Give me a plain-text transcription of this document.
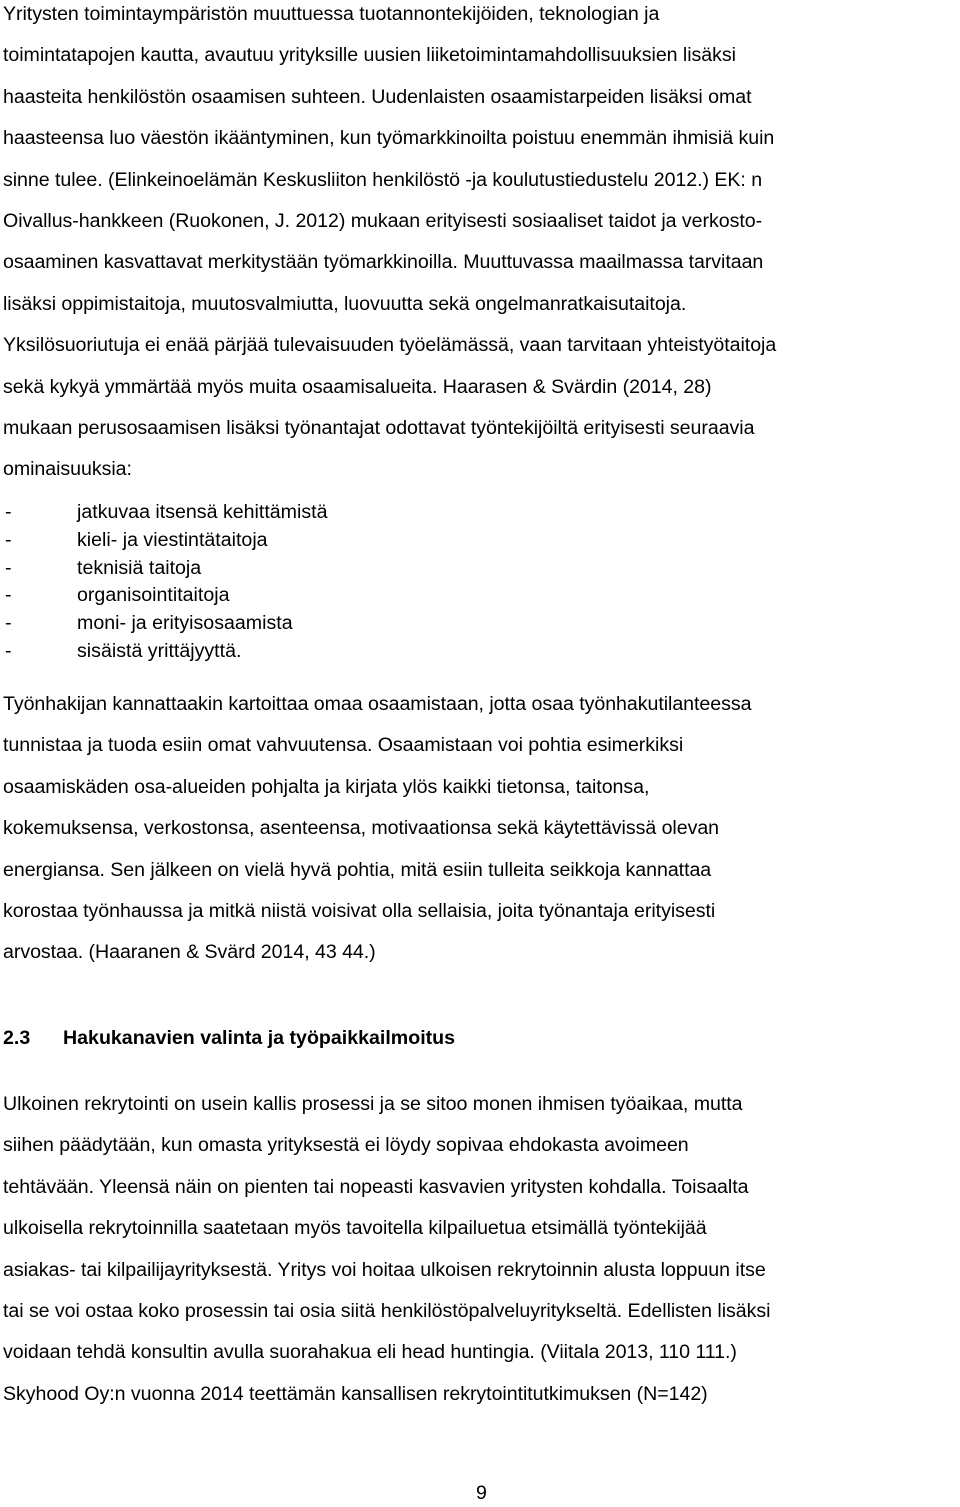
Yritysten toimintaympäristön muuttuessa tuotannontekijöiden, teknologian ja
toimintatapojen kautta, avautuu yrityksille uusien liiketoimintamahdollisuuksien lisäksi
haasteita henkilöstön osaamisen suhteen. Uudenlaisten osaamistarpeiden lisäksi omat
haasteensa luo väestön ikääntyminen, kun työmarkkinoilta poistuu enemmän ihmisiä kuin
sinne tulee. (Elinkeinoelämän Keskusliiton henkilöstö -ja koulutustiedustelu 2012.) EK: n
Oivallus-hankkeen (Ruokonen, J. 2012) mukaan erityisesti sosiaaliset taidot ja verkosto-
osaaminen kasvattavat merkitystään työmarkkinoilla. Muuttuvassa maailmassa tarvitaan
lisäksi oppimistaitoja, muutosvalmiutta, luovuutta sekä ongelmanratkaisutaitoja.
Yksilösuoriutuja ei enää pärjää tulevaisuuden työelämässä, vaan tarvitaan yhteistyötaitoja
sekä kykyä ymmärtää myös muita osaamisalueita. Haarasen & Svärdin (2014, 28)
mukaan perusosaamisen lisäksi työnantajat odottavat työntekijöiltä erityisesti seuraavia
ominaisuuksia:

-	jatkuvaa itsensä kehittämistä
-	kieli- ja viestintätaitoja
-	teknisiä taitoja
-	organisointitaitoja
-	moni- ja erityisosaamista
-	sisäistä yrittäjyyttä.

Työnhakijan kannattaakin kartoittaa omaa osaamistaan, jotta osaa työnhakutilanteessa
tunnistaa ja tuoda esiin omat vahvuutensa. Osaamistaan voi pohtia esimerkiksi
osaamiskäden osa-alueiden pohjalta ja kirjata ylös kaikki tietonsa, taitonsa,
kokemuksensa, verkostonsa, asenteensa, motivaationsa sekä käytettävissä olevan
energiansa. Sen jälkeen on vielä hyvä pohtia, mitä esiin tulleita seikkoja kannattaa
korostaa työnhaussa ja mitkä niistä voisivat olla sellaisia, joita työnantaja erityisesti
arvostaa. (Haaranen & Svärd 2014, 43 44.)

2.3 Hakukanavien valinta ja työpaikkailmoitus

Ulkoinen rekrytointi on usein kallis prosessi ja se sitoo monen ihmisen työaikaa, mutta
siihen päädytään, kun omasta yrityksestä ei löydy sopivaa ehdokasta avoimeen
tehtävään. Yleensä näin on pienten tai nopeasti kasvavien yritysten kohdalla. Toisaalta
ulkoisella rekrytoinnilla saatetaan myös tavoitella kilpailuetua etsimällä työntekijää
asiakas- tai kilpailijayrityksestä. Yritys voi hoitaa ulkoisen rekrytoinnin alusta loppuun itse
tai se voi ostaa koko prosessin tai osia siitä henkilöstöpalveluyritykseltä. Edellisten lisäksi
voidaan tehdä konsultin avulla suorahakua eli head huntingia. (Viitala 2013, 110 111.)
Skyhood Oy:n vuonna 2014 teettämän kansallisen rekrytointitutkimuksen (N=142)

9
